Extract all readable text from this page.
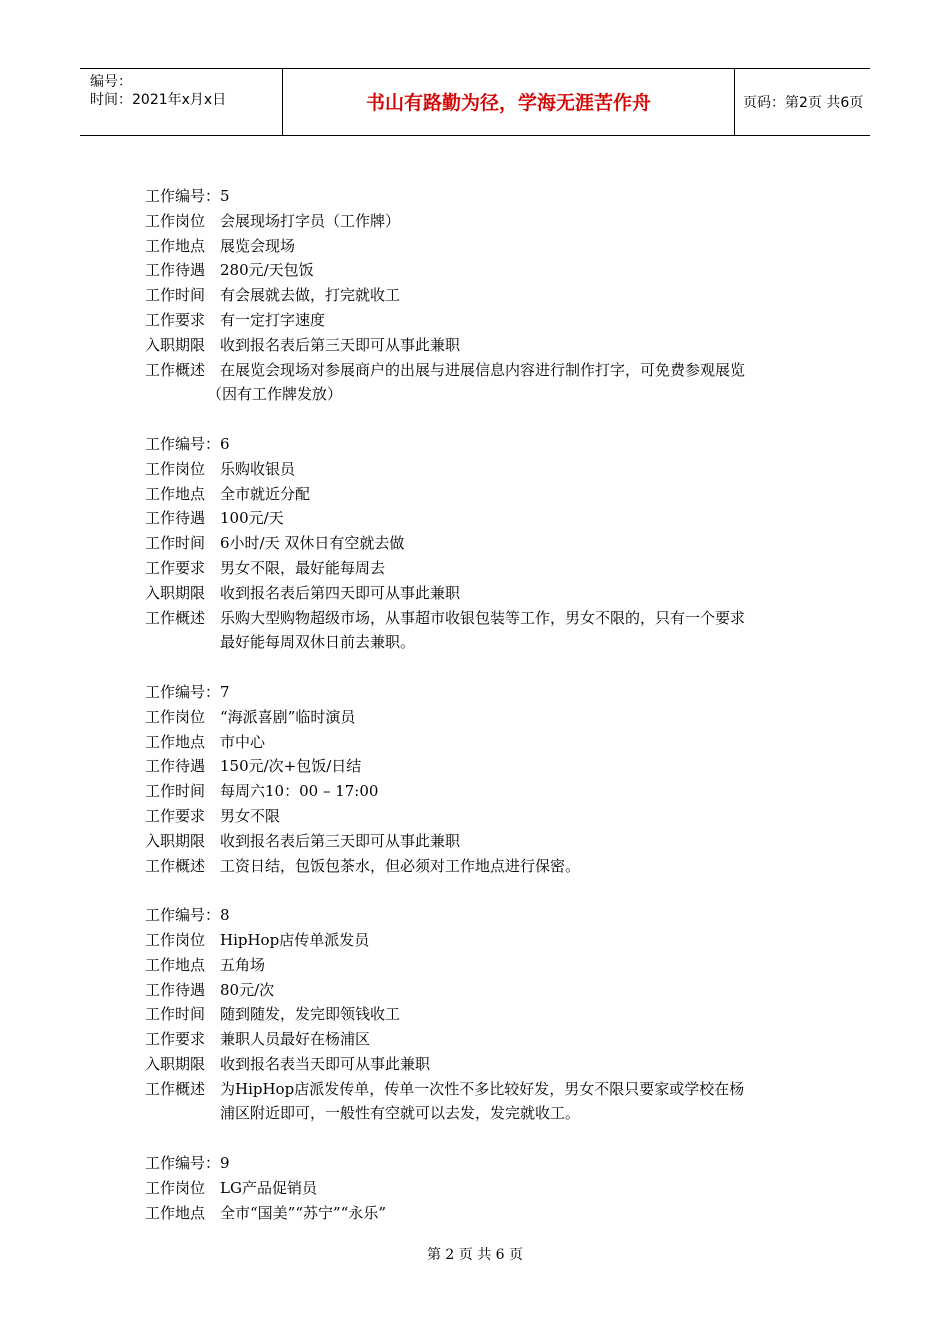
编号：
时间：2021年x月x日	书山有路勤为径，学海无涯苦作舟	页码：第2页 共6页
工作编号： 5
工作岗位 会展现场打字员（工作牌）
工作地点 展览会现场
工作待遇 280元/天包饭
工作时间 有会展就去做，打完就收工
工作要求 有一定打字速度
入职期限 收到报名表后第三天即可从事此兼职
工作概述 在展览会现场对参展商户的出展与进展信息内容进行制作打字，可免费参观展览
（因有工作牌发放）
工作编号： 6
工作岗位 乐购收银员
工作地点 全市就近分配
工作待遇 100元/天
工作时间 6小时/天 双休日有空就去做
工作要求 男女不限，最好能每周去
入职期限 收到报名表后第四天即可从事此兼职
工作概述 乐购大型购物超级市场，从事超市收银包装等工作，男女不限的，只有一个要求
最好能每周双休日前去兼职。
工作编号： 7
工作岗位 “海派喜剧”临时演员
工作地点 市中心
工作待遇 150元/次+包饭/日结
工作时间 每周六10：00 – 17:00
工作要求 男女不限
入职期限 收到报名表后第三天即可从事此兼职
工作概述 工资日结，包饭包茶水，但必须对工作地点进行保密。
工作编号： 8
工作岗位 HipHop店传单派发员
工作地点 五角场
工作待遇 80元/次
工作时间 随到随发，发完即领钱收工
工作要求 兼职人员最好在杨浦区
入职期限 收到报名表当天即可从事此兼职
工作概述 为HipHop店派发传单，传单一次性不多比较好发，男女不限只要家或学校在杨
浦区附近即可，一般性有空就可以去发，发完就收工。
工作编号： 9
工作岗位 LG产品促销员
工作地点 全市“国美”“苏宁”“永乐”
第 2 页 共 6 页
